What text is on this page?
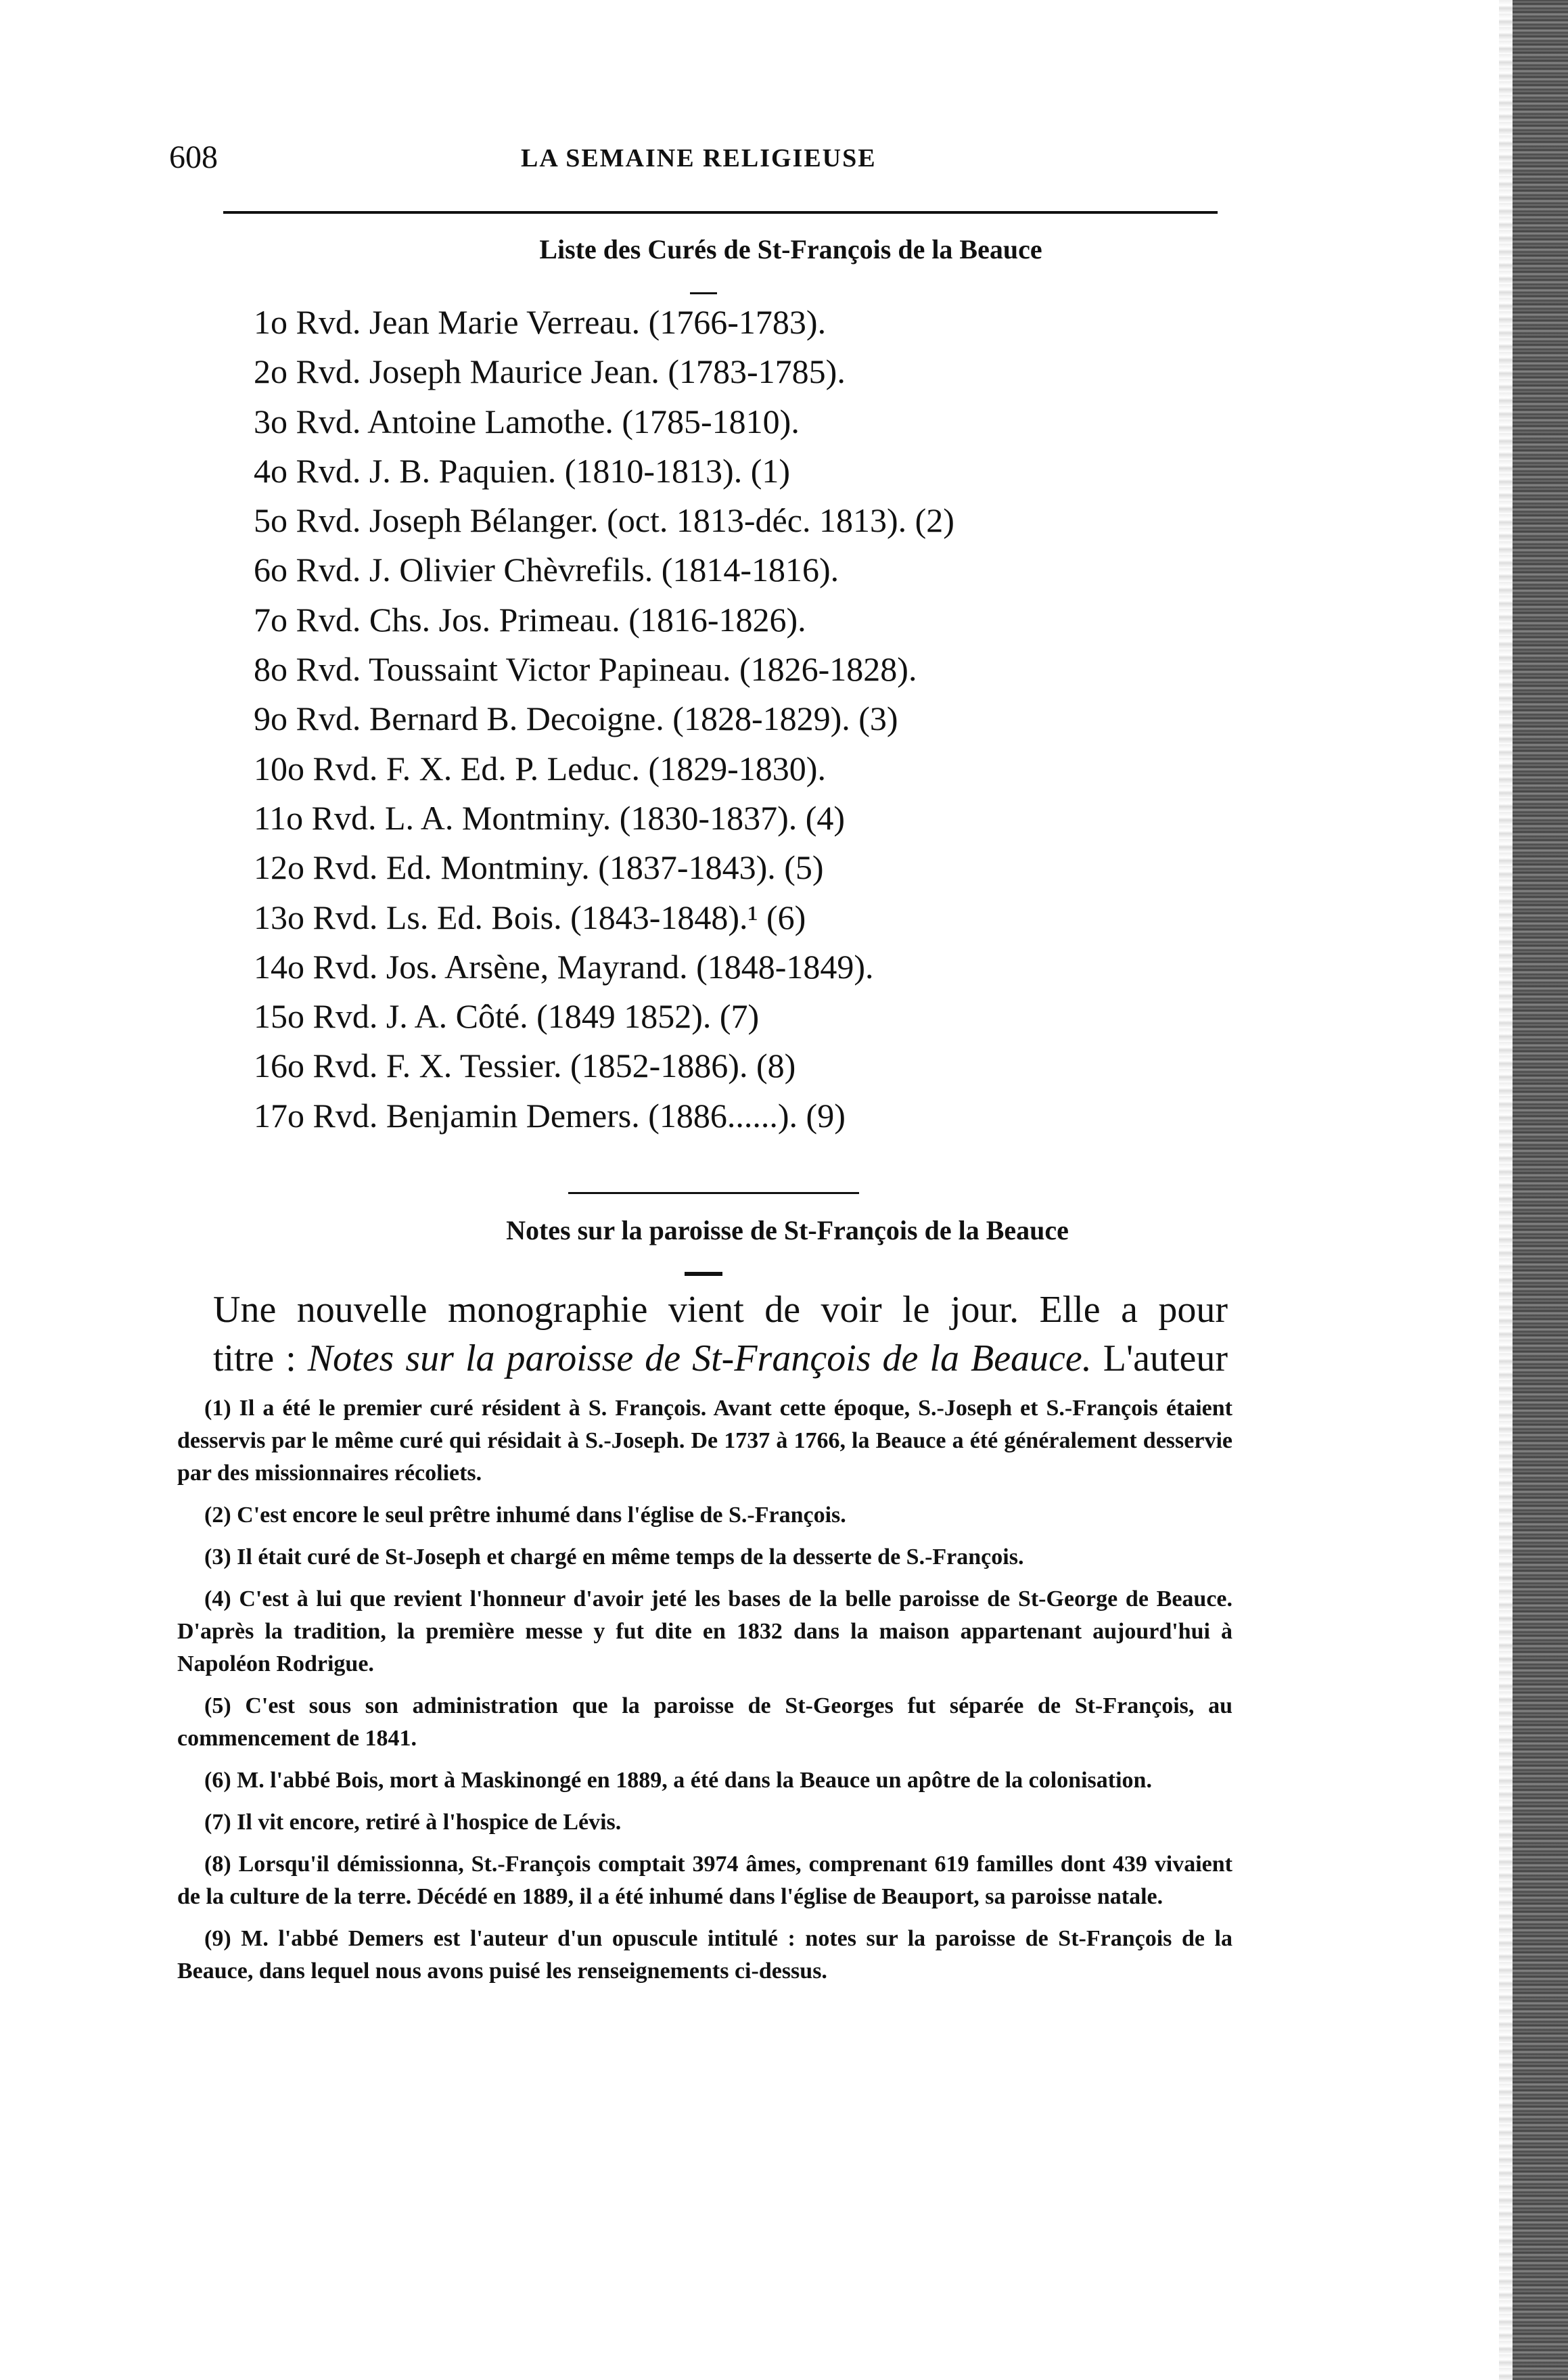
608	LA SEMAINE RELIGIEUSE
Liste des Curés de St-François de la Beauce
1o Rvd. Jean Marie Verreau. (1766-1783).
2o Rvd. Joseph Maurice Jean. (1783-1785).
3o Rvd. Antoine Lamothe. (1785-1810).
4o Rvd. J. B. Paquien. (1810-1813). (1)
5o Rvd. Joseph Bélanger. (oct. 1813-déc. 1813). (2)
6o Rvd. J. Olivier Chèvrefils. (1814-1816).
7o Rvd. Chs. Jos. Primeau. (1816-1826).
8o Rvd. Toussaint Victor Papineau. (1826-1828).
9o Rvd. Bernard B. Decoigne. (1828-1829). (3)
10o Rvd. F. X. Ed. P. Leduc. (1829-1830).
11o Rvd. L. A. Montminy. (1830-1837). (4)
12o Rvd. Ed. Montminy. (1837-1843). (5)
13o Rvd. Ls. Ed. Bois. (1843-1848).¹ (6)
14o Rvd. Jos. Arsène, Mayrand. (1848-1849).
15o Rvd. J. A. Côté. (1849 1852). (7)
16o Rvd. F. X. Tessier. (1852-1886). (8)
17o Rvd. Benjamin Demers. (1886......). (9)
Notes sur la paroisse de St-François de la Beauce
Une nouvelle monographie vient de voir le jour. Elle a pour
titre : Notes sur la paroisse de St-François de la Beauce. L'auteur
(1) Il a été le premier curé résident à S. François. Avant cette époque, S.-Joseph et S.-François étaient desservis par le même curé qui résidait à S.-Joseph. De 1737 à 1766, la Beauce a été généralement desservie par des missionnaires récoliets.
(2) C'est encore le seul prêtre inhumé dans l'église de S.-François.
(3) Il était curé de St-Joseph et chargé en même temps de la desserte de S.-François.
(4) C'est à lui que revient l'honneur d'avoir jeté les bases de la belle paroisse de St-George de Beauce. D'après la tradition, la première messe y fut dite en 1832 dans la maison appartenant aujourd'hui à Napoléon Rodrigue.
(5) C'est sous son administration que la paroisse de St-Georges fut séparée de St-François, au commencement de 1841.
(6) M. l'abbé Bois, mort à Maskinongé en 1889, a été dans la Beauce un apôtre de la colonisation.
(7) Il vit encore, retiré à l'hospice de Lévis.
(8) Lorsqu'il démissionna, St.-François comptait 3974 âmes, comprenant 619 familles dont 439 vivaient de la culture de la terre. Décédé en 1889, il a été inhumé dans l'église de Beauport, sa paroisse natale.
(9) M. l'abbé Demers est l'auteur d'un opuscule intitulé : notes sur la paroisse de St-François de la Beauce, dans lequel nous avons puisé les renseignements ci-dessus.
